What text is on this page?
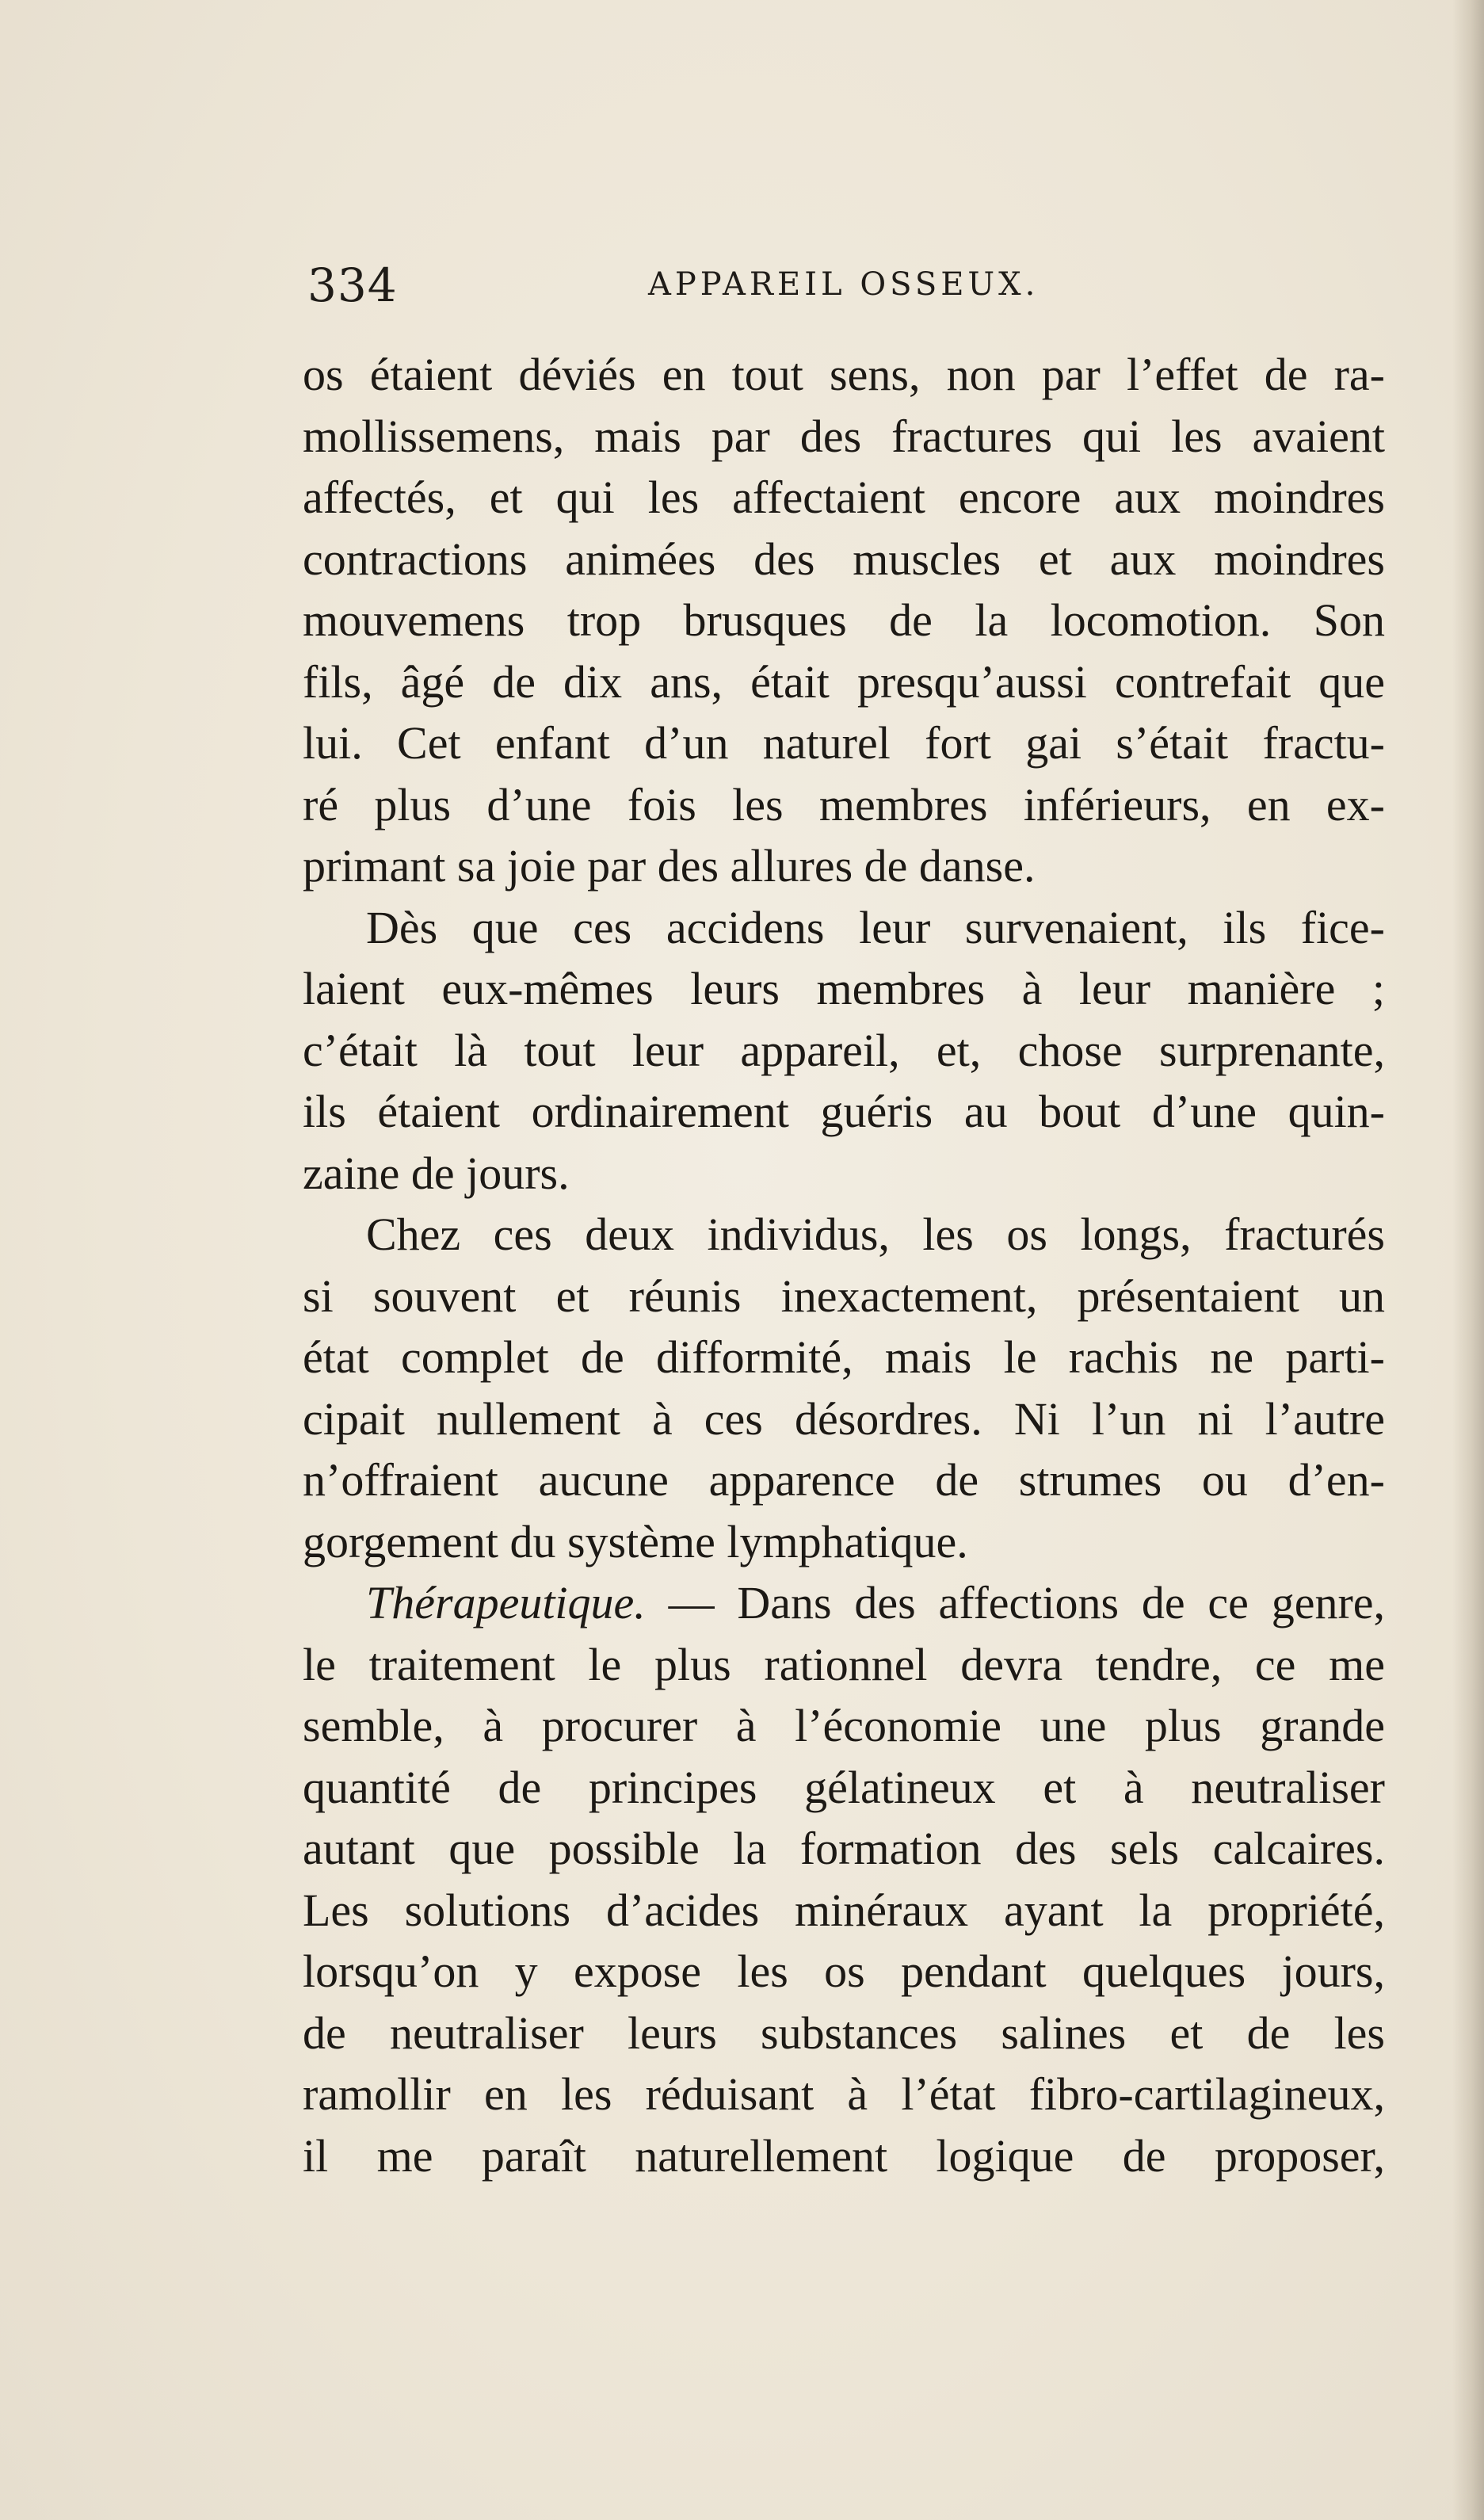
334	APPAREIL OSSEUX.

os étaient déviés en tout sens, non par l’effet de ra-

mollissemens, mais par des fractures qui les avaient

affectés, et qui les affectaient encore aux moindres

contractions animées des muscles et aux moindres

mouvemens trop brusques de la locomotion. Son

fils, âgé de dix ans, était presqu’aussi contrefait que

lui. Cet enfant d’un naturel fort gai s’était fractu-

ré plus d’une fois les membres inférieurs, en ex-

primant sa joie par des allures de danse.

Dès que ces accidens leur survenaient, ils fice-

laient eux-mêmes leurs membres à leur manière ;

c’était là tout leur appareil, et, chose surprenante,

ils étaient ordinairement guéris au bout d’une quin-

zaine de jours.

Chez ces deux individus, les os longs, fracturés

si souvent et réunis inexactement, présentaient un

état complet de difformité, mais le rachis ne parti-

cipait nullement à ces désordres. Ni l’un ni l’autre

n’offraient aucune apparence de strumes ou d’en-

gorgement du système lymphatique.

Thérapeutique. — Dans des affections de ce genre,

le traitement le plus rationnel devra tendre, ce me

semble, à procurer à l’économie une plus grande

quantité de principes gélatineux et à neutraliser

autant que possible la formation des sels calcaires.

Les solutions d’acides minéraux ayant la propriété,

lorsqu’on y expose les os pendant quelques jours,

de neutraliser leurs substances salines et de les

ramollir en les réduisant à l’état fibro-cartilagineux,

il me paraît naturellement logique de proposer,
